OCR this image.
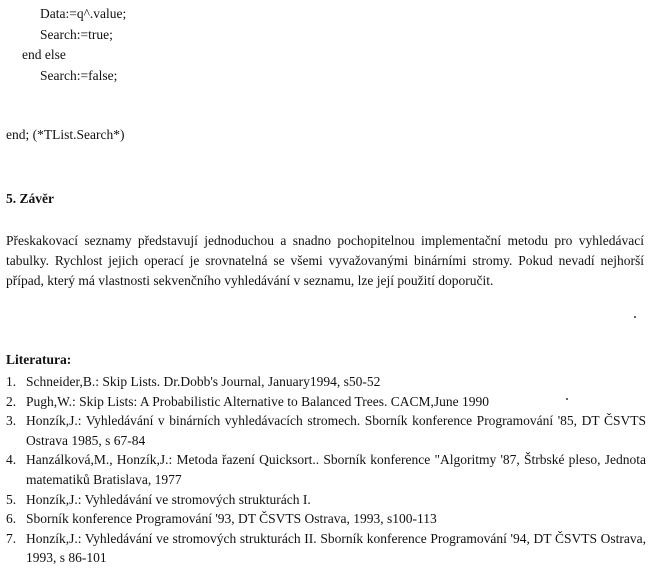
Data:=q^.value;
Search:=true;
end else
Search:=false;
end; (*TList.Search*)
5. Závěr
Přeskakovací seznamy představují jednoduchou a snadno pochopitelnou implementační metodu pro vyhledávací tabulky. Rychlost jejich operací je srovnatelná se všemi vyvažovanými binárními stromy. Pokud nevadí nejhorší případ, který má vlastnosti sekvenčního vyhledávání v seznamu, lze její použití doporučit.
Literatura:
1. Schneider,B.: Skip Lists. Dr.Dobb's Journal, January1994, s50-52
2. Pugh,W.: Skip Lists: A Probabilistic Alternative to Balanced Trees. CACM,June 1990
3. Honzík,J.: Vyhledávání v binárních vyhledávacích stromech. Sborník konference Programování '85, DT ČSVTS Ostrava 1985, s 67-84
4. Hanzálková,M., Honzík,J.: Metoda řazení Quicksort.. Sborník konference "Algoritmy '87, Štrbské pleso, Jednota matematiků Bratislava, 1977
5. Honzík,J.: Vyhledávání ve stromových strukturách I.
6. Sborník konference Programování '93, DT ČSVTS Ostrava, 1993, s100-113
7. Honzík,J.: Vyhledávání ve stromových strukturách II. Sborník konference Programování '94, DT ČSVTS Ostrava, 1993, s 86-101
